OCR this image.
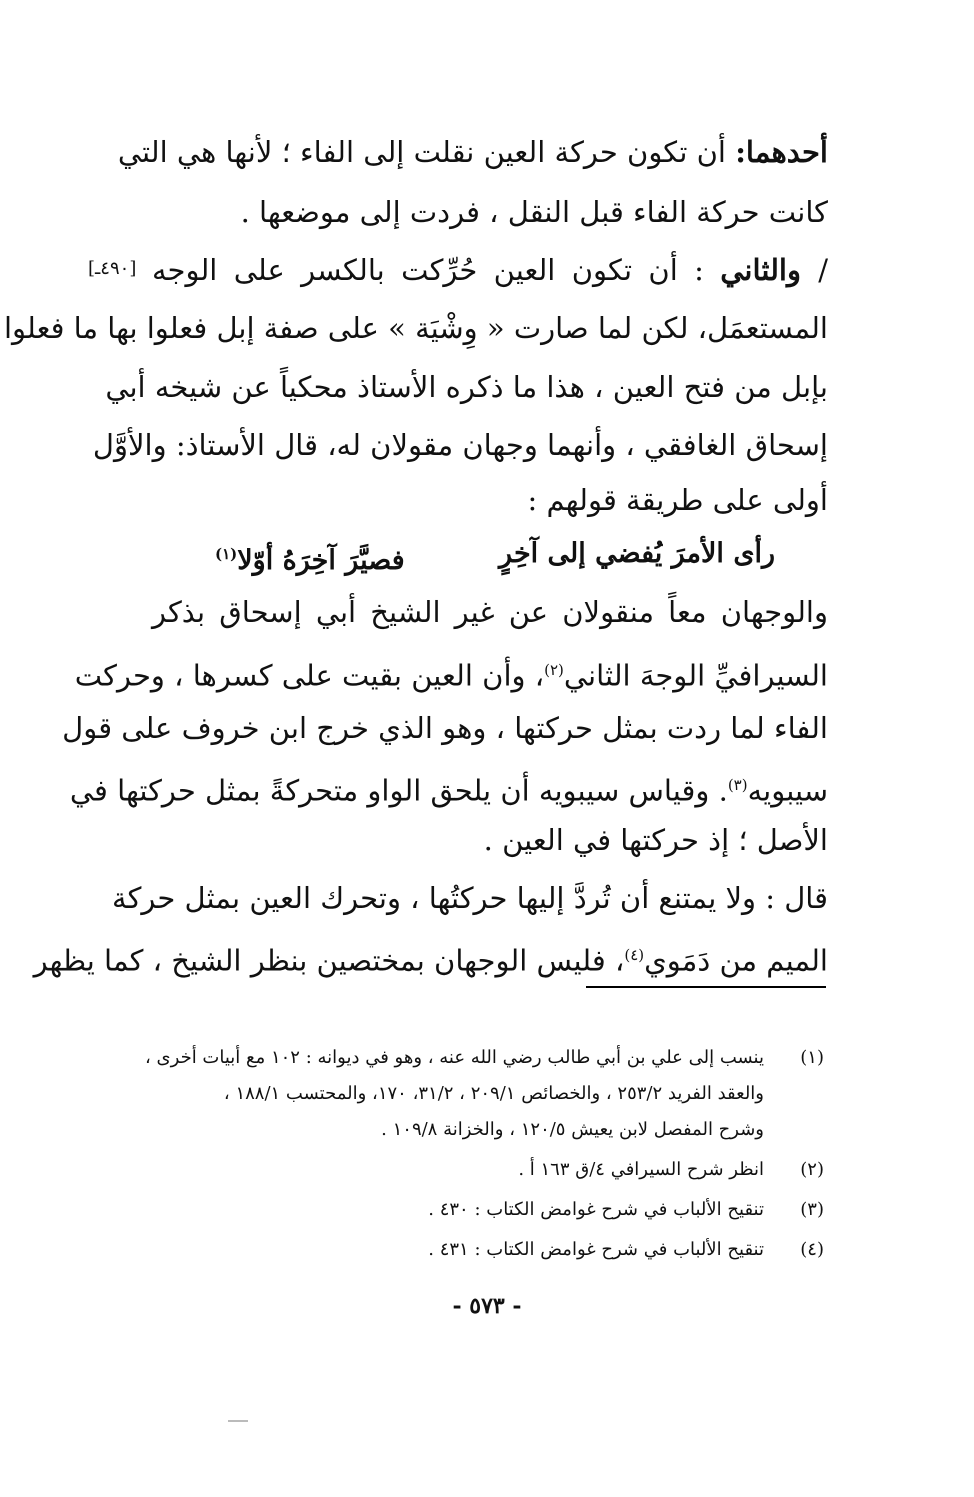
أحدهما: أن تكون حركة العين نقلت إلى الفاء ؛ لأنها هي التي
كانت حركة الفاء قبل النقل ، فردت إلى موضعها .
[٤٩٠ـ]	/ والثاني : أن تكون العين حُرِّكت بالكسر على الوجه
المستعمَل، لكن لما صارت « وِشْيَة » على صفة إبل فعلوا بها ما فعلوا
بإبل من فتح العين ، هذا ما ذكره الأستاذ محكياً عن شيخه أبي
إسحاق الغافقي ، وأنهما وجهان مقولان له، قال الأستاذ: والأوَّل
أولى على طريقة قولهم :
رأى الأمرَ يُفضي إلى آخِرٍ
فصيَّرَ آخِرَهُ أوّلا$^{(١)}$
والوجهان معاً منقولان عن غير الشيخ أبي إسحاق بذكر
السيرافيِّ الوجهَ الثاني$^{(٢)}$، وأن العين بقيت على كسرها ، وحركت
الفاء لما ردت بمثل حركتها ، وهو الذي خرج ابن خروف على قول
سيبويه$^{(٣)}$. وقياس سيبويه أن يلحق الواو متحركةً بمثل حركتها في
الأصل ؛ إذ حركتها في العين .
قال : ولا يمتنع أن تُردَّ إليها حركتُها ، وتحرك العين بمثل حركة
الميم من دَمَوي$^{(٤)}$، فليس الوجهان بمختصين بنظر الشيخ ، كما يظهر
(١)ينسب إلى علي بن أبي طالب رضي الله عنه ، وهو في ديوانه : ١٠٢ مع أبيات أخرى ،
والعقد الفريد ٢٥٣/٢ ، والخصائص ٢٠٩/١ ، ٣١/٢، ١٧٠، والمحتسب ١٨٨/١ ،
وشرح المفصل لابن يعيش ١٢٠/٥ ، والخزانة ١٠٩/٨ .
(٢)انظر شرح السيرافي ٤/ق ١٦٣ أ .
(٣)تنقيح الألباب في شرح غوامض الكتاب : ٤٣٠ .
(٤)تنقيح الألباب في شرح غوامض الكتاب : ٤٣١ .
- ٥٧٣ -
